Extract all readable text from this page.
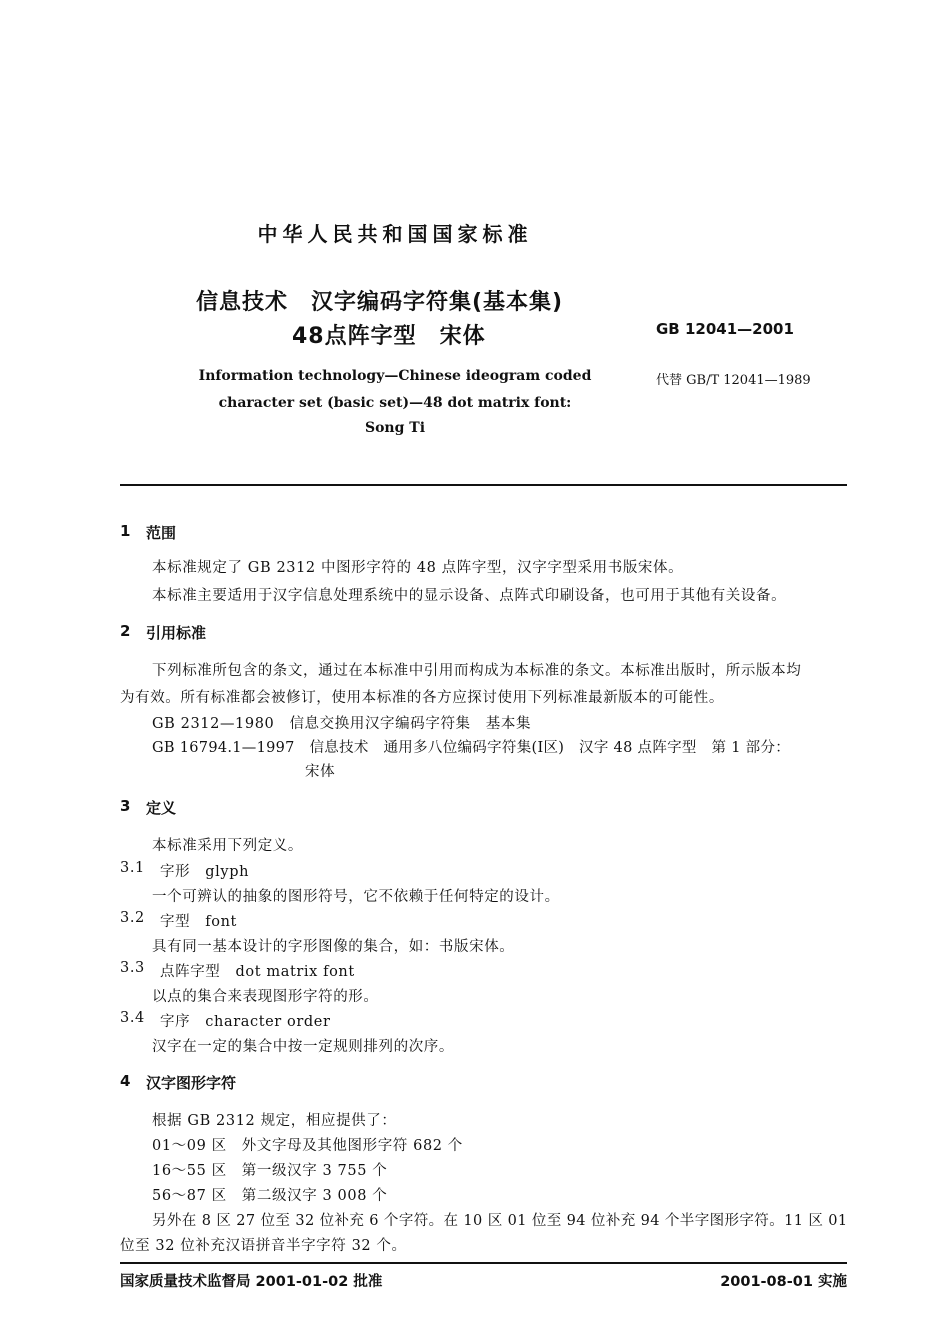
中华人民共和国国家标准
信息技术　汉字编码字符集(基本集)
48点阵字型　宋体	GB 12041—2001
Information technology—Chinese ideogram coded
character set (basic set)—48 dot matrix font:
Song Ti
代替 GB/T 12041—1989
1 范围
本标准规定了 GB 2312 中图形字符的 48 点阵字型，汉字字型采用书版宋体。
本标准主要适用于汉字信息处理系统中的显示设备、点阵式印刷设备，也可用于其他有关设备。
2 引用标准
下列标准所包含的条文，通过在本标准中引用而构成为本标准的条文。本标准出版时，所示版本均
为有效。所有标准都会被修订，使用本标准的各方应探讨使用下列标准最新版本的可能性。
GB 2312—1980　信息交换用汉字编码字符集　基本集
GB 16794.1—1997　信息技术　通用多八位编码字符集(Ⅰ区)　汉字 48 点阵字型　第 1 部分：
宋体
3 定义
本标准采用下列定义。
3.1 字形　glyph
一个可辨认的抽象的图形符号，它不依赖于任何特定的设计。
3.2 字型　font
具有同一基本设计的字形图像的集合，如：书版宋体。
3.3 点阵字型　dot matrix font
以点的集合来表现图形字符的形。
3.4 字序　character order
汉字在一定的集合中按一定规则排列的次序。
4 汉字图形字符
根据 GB 2312 规定，相应提供了：
01～09 区　外文字母及其他图形字符 682 个
16～55 区　第一级汉字 3 755 个
56～87 区　第二级汉字 3 008 个
另外在 8 区 27 位至 32 位补充 6 个字符。在 10 区 01 位至 94 位补充 94 个半字图形字符。11 区 01
位至 32 位补充汉语拼音半字字符 32 个。
国家质量技术监督局 2001-01-02 批准	2001-08-01 实施
